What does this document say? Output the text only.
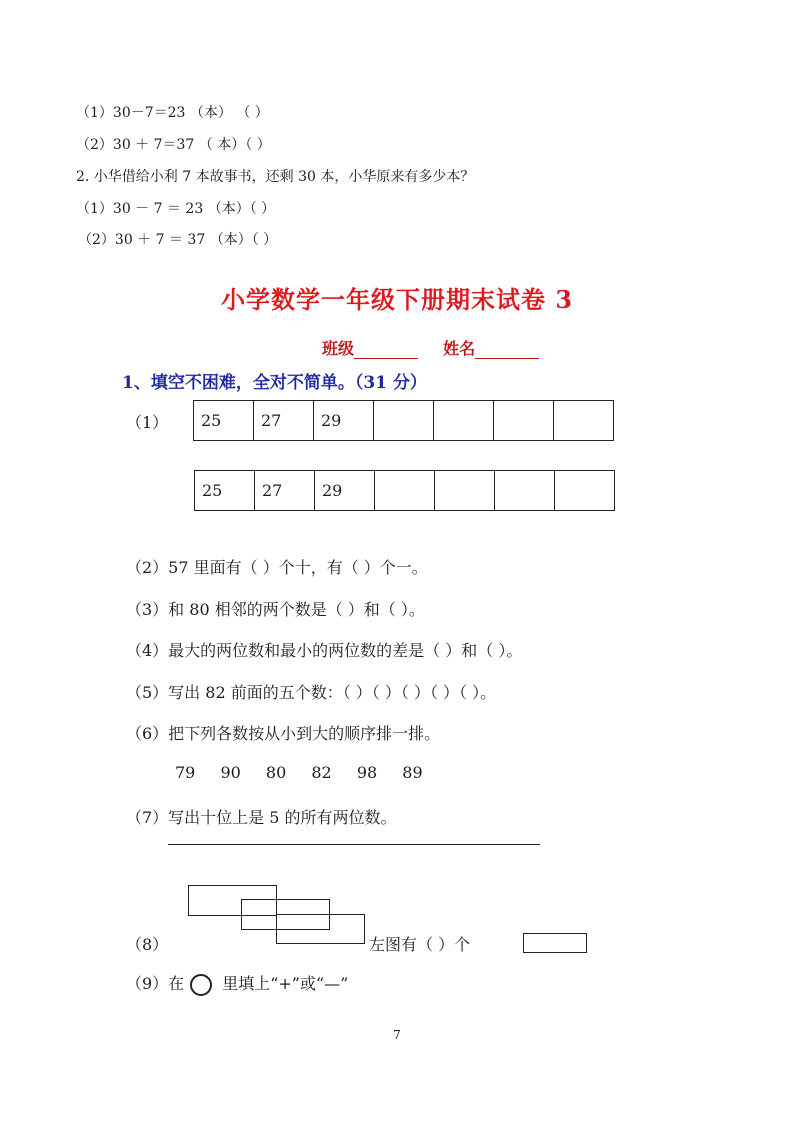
（1）30－7＝23 （本） （ ）
（2）30 ＋ 7＝37 （ 本）（ ）
2. 小华借给小利 7 本故事书，还剩 30 本，小华原来有多少本？
（1）30 － 7 ＝ 23 （本）（ ）
（2）30 ＋ 7 ＝ 37 （本）（ ）
小学数学一年级下册期末试卷 3
班级	姓名
1、填空不困难，全对不简单。（31 分）
（1） 25	27	29				
25	27	29				
（2）57 里面有（ ）个十，有（ ）个一。
（3）和 80 相邻的两个数是（ ）和（ ）。
（4）最大的两位数和最小的两位数的差是（ ）和（ ）。
（5）写出 82 前面的五个数：（ ）（ ）（ ）（ ）（ ）。
（6）把下列各数按从小到大的顺序排一排。
79 90 80 82 98 89
（7）写出十位上是 5 的所有两位数。
（8）	左图有（ ）个
（9）在 里填上“+”或“—”
7
